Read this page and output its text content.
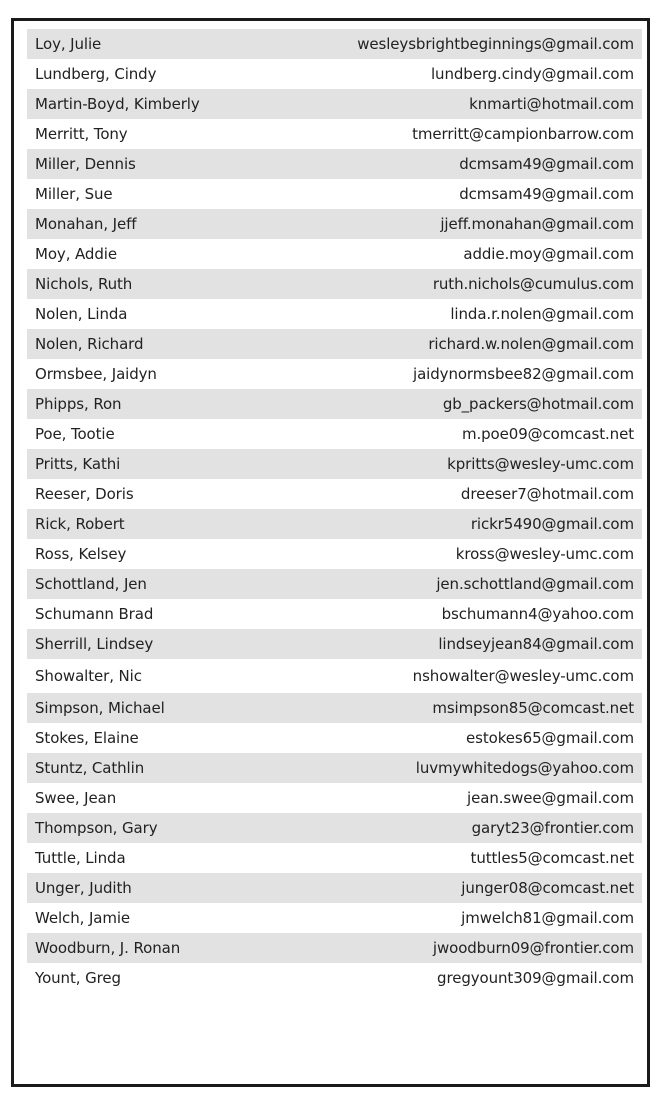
Loy, Julie	wesleysbrightbeginnings@gmail.com
Lundberg, Cindy	lundberg.cindy@gmail.com
Martin-Boyd, Kimberly	knmarti@hotmail.com
Merritt, Tony	tmerritt@campionbarrow.com
Miller, Dennis	dcmsam49@gmail.com
Miller, Sue	dcmsam49@gmail.com
Monahan, Jeff	jjeff.monahan@gmail.com
Moy, Addie	addie.moy@gmail.com
Nichols, Ruth	ruth.nichols@cumulus.com
Nolen, Linda	linda.r.nolen@gmail.com
Nolen, Richard	richard.w.nolen@gmail.com
Ormsbee, Jaidyn	jaidynormsbee82@gmail.com
Phipps, Ron	gb_packers@hotmail.com
Poe, Tootie	m.poe09@comcast.net
Pritts, Kathi	kpritts@wesley-umc.com
Reeser, Doris	dreeser7@hotmail.com
Rick, Robert	rickr5490@gmail.com
Ross, Kelsey	kross@wesley-umc.com
Schottland, Jen	jen.schottland@gmail.com
Schumann Brad	bschumann4@yahoo.com
Sherrill, Lindsey	lindseyjean84@gmail.com
Showalter, Nic	nshowalter@wesley-umc.com
Simpson, Michael	msimpson85@comcast.net
Stokes, Elaine	estokes65@gmail.com
Stuntz, Cathlin	luvmywhitedogs@yahoo.com
Swee, Jean	jean.swee@gmail.com
Thompson, Gary	garyt23@frontier.com
Tuttle, Linda	tuttles5@comcast.net
Unger, Judith	junger08@comcast.net
Welch, Jamie	jmwelch81@gmail.com
Woodburn, J. Ronan	jwoodburn09@frontier.com
Yount, Greg	gregyount309@gmail.com
